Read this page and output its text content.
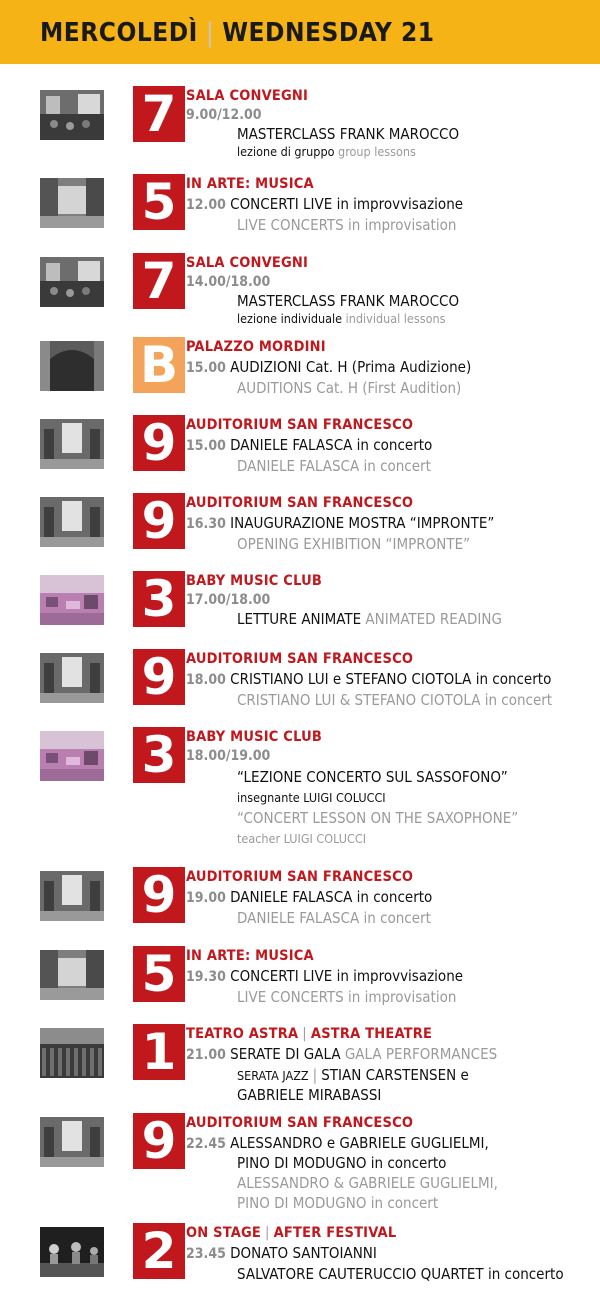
MERCOLEDÌ | WEDNESDAY 21
7 SALA CONVEGNI
9.00/12.00
MASTERCLASS FRANK MAROCCO
lezione di gruppo group lessons
5 IN ARTE: MUSICA
12.00 CONCERTI LIVE in improvvisazione
LIVE CONCERTS in improvisation
7 SALA CONVEGNI
14.00/18.00
MASTERCLASS FRANK MAROCCO
lezione individuale individual lessons
B PALAZZO MORDINI
15.00 AUDIZIONI Cat. H (Prima Audizione)
AUDITIONS Cat. H (First Audition)
9 AUDITORIUM SAN FRANCESCO
15.00 DANIELE FALASCA in concerto
DANIELE FALASCA in concert
9 AUDITORIUM SAN FRANCESCO
16.30 INAUGURAZIONE MOSTRA “IMPRONTE”
OPENING EXHIBITION “IMPRONTE”
3 BABY MUSIC CLUB
17.00/18.00
LETTURE ANIMATE ANIMATED READING
9 AUDITORIUM SAN FRANCESCO
18.00 CRISTIANO LUI e STEFANO CIOTOLA in concerto
CRISTIANO LUI & STEFANO CIOTOLA in concert
3 BABY MUSIC CLUB
18.00/19.00
“LEZIONE CONCERTO SUL SASSOFONO”
insegnante LUIGI COLUCCI
“CONCERT LESSON ON THE SAXOPHONE”
teacher LUIGI COLUCCI
9 AUDITORIUM SAN FRANCESCO
19.00 DANIELE FALASCA in concerto
DANIELE FALASCA in concert
5 IN ARTE: MUSICA
19.30 CONCERTI LIVE in improvvisazione
LIVE CONCERTS in improvisation
1 TEATRO ASTRA | ASTRA THEATRE
21.00 SERATE DI GALA GALA PERFORMANCES
SERATA JAZZ | STIAN CARSTENSEN e
GABRIELE MIRABASSI
9 AUDITORIUM SAN FRANCESCO
22.45 ALESSANDRO e GABRIELE GUGLIELMI,
PINO DI MODUGNO in concerto
ALESSANDRO & GABRIELE GUGLIELMI,
PINO DI MODUGNO in concert
2 ON STAGE | AFTER FESTIVAL
23.45 DONATO SANTOIANNI
SALVATORE CAUTERUCCIO QUARTET in concerto
